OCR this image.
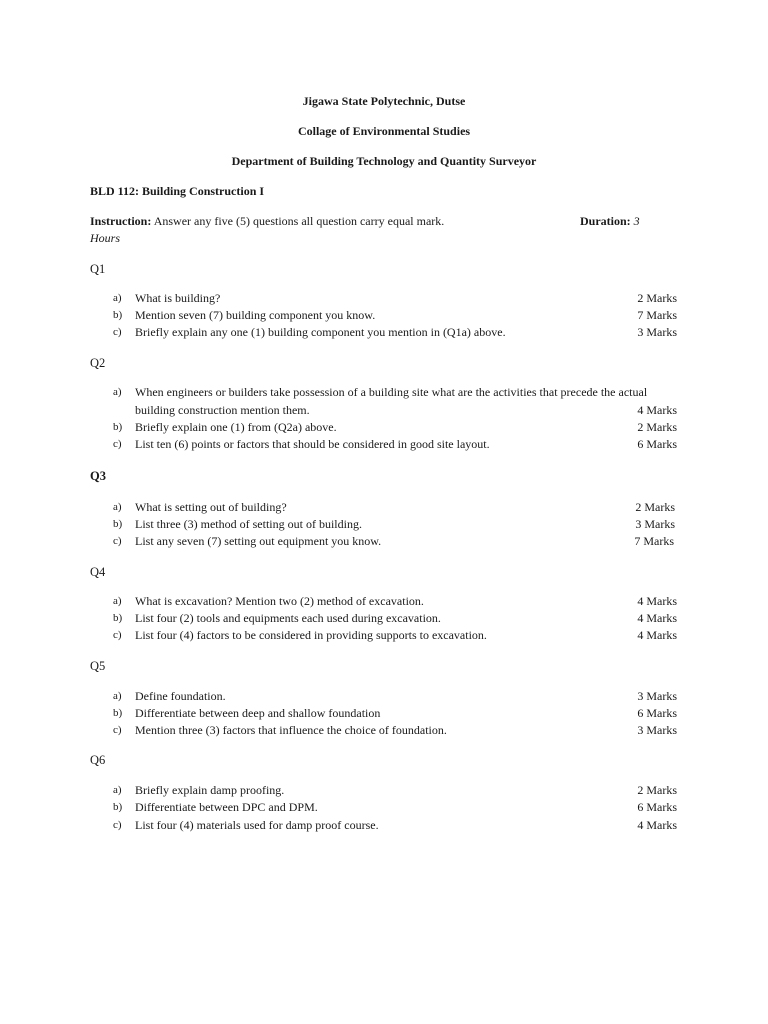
Jigawa State Polytechnic, Dutse
Collage of Environmental Studies
Department of Building Technology and Quantity Surveyor
BLD 112: Building Construction I
Instruction: Answer any five (5) questions all question carry equal mark.	Duration: 3
Hours
Q1
a) What is building?	2 Marks
b) Mention seven (7) building component you know.	7 Marks
c) Briefly explain any one (1) building component you mention in (Q1a) above.	3 Marks
Q2
a) When engineers or builders take possession of a building site what are the activities that precede the actual
building construction mention them.	4 Marks
b) Briefly explain one (1) from (Q2a) above.	2 Marks
c) List ten (6) points or factors that should be considered in good site layout.	6 Marks
Q3
a) What is setting out of building?	2 Marks
b) List three (3) method of setting out of building.	3 Marks
c) List any seven (7) setting out equipment you know.	7 Marks
Q4
a) What is excavation? Mention two (2) method of excavation.	4 Marks
b) List four (2) tools and equipments each used during excavation.	4 Marks
c) List four (4) factors to be considered in providing supports to excavation.	4 Marks
Q5
a) Define foundation.	3 Marks
b) Differentiate between deep and shallow foundation	6 Marks
c) Mention three (3) factors that influence the choice of foundation.	3 Marks
Q6
a) Briefly explain damp proofing.	2 Marks
b) Differentiate between DPC and DPM.	6 Marks
c) List four (4) materials used for damp proof course.	4 Marks
